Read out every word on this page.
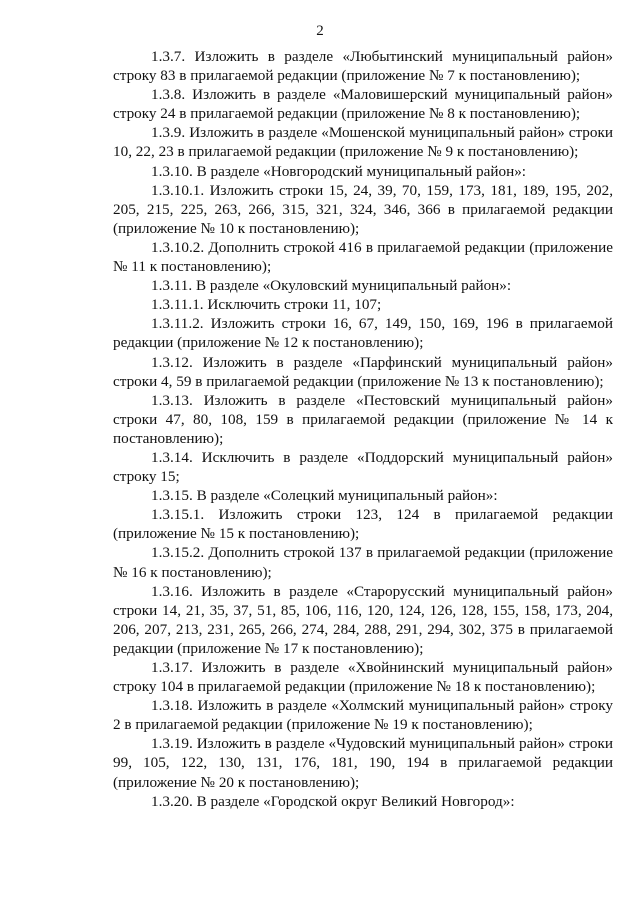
2

1.3.7. Изложить в разделе «Любытинский муниципальный район» строку 83 в прилагаемой редакции (приложение № 7 к постановлению);

1.3.8. Изложить в разделе «Маловишерский муниципальный район» строку 24 в прилагаемой редакции (приложение № 8 к постановлению);

1.3.9. Изложить в разделе «Мошенской муниципальный район» строки 10, 22, 23 в прилагаемой редакции (приложение № 9 к постановлению);

1.3.10. В разделе «Новгородский муниципальный район»:

1.3.10.1. Изложить строки 15, 24, 39, 70, 159, 173, 181, 189, 195, 202, 205, 215, 225, 263, 266, 315, 321, 324, 346, 366 в прилагаемой редакции (приложение № 10 к постановлению);

1.3.10.2. Дополнить строкой 416 в прилагаемой редакции (приложение № 11 к постановлению);

1.3.11. В разделе «Окуловский муниципальный район»:

1.3.11.1. Исключить строки 11, 107;

1.3.11.2. Изложить строки 16, 67, 149, 150, 169, 196 в прилагаемой редакции (приложение № 12 к постановлению);

1.3.12. Изложить в разделе «Парфинский муниципальный район» строки 4, 59 в прилагаемой редакции (приложение № 13 к постановлению);

1.3.13. Изложить в разделе «Пестовский муниципальный район» строки 47, 80, 108, 159 в прилагаемой редакции (приложение № 14 к постановлению);

1.3.14. Исключить в разделе «Поддорский муниципальный район» строку 15;

1.3.15. В разделе «Солецкий муниципальный район»:

1.3.15.1. Изложить строки 123, 124 в прилагаемой редакции (приложение № 15 к постановлению);

1.3.15.2. Дополнить строкой 137 в прилагаемой редакции (приложение № 16 к постановлению);

1.3.16. Изложить в разделе «Старорусский муниципальный район» строки 14, 21, 35, 37, 51, 85, 106, 116, 120, 124, 126, 128, 155, 158, 173, 204, 206, 207, 213, 231, 265, 266, 274, 284, 288, 291, 294, 302, 375 в прилагаемой редакции (приложение № 17 к постановлению);

1.3.17. Изложить в разделе «Хвойнинский муниципальный район» строку 104 в прилагаемой редакции (приложение № 18 к постановлению);

1.3.18. Изложить в разделе «Холмский муниципальный район» строку 2 в прилагаемой редакции (приложение № 19 к постановлению);

1.3.19. Изложить в разделе «Чудовский муниципальный район» строки 99, 105, 122, 130, 131, 176, 181, 190, 194 в прилагаемой редакции (приложение № 20 к постановлению);

1.3.20. В разделе «Городской округ Великий Новгород»:
